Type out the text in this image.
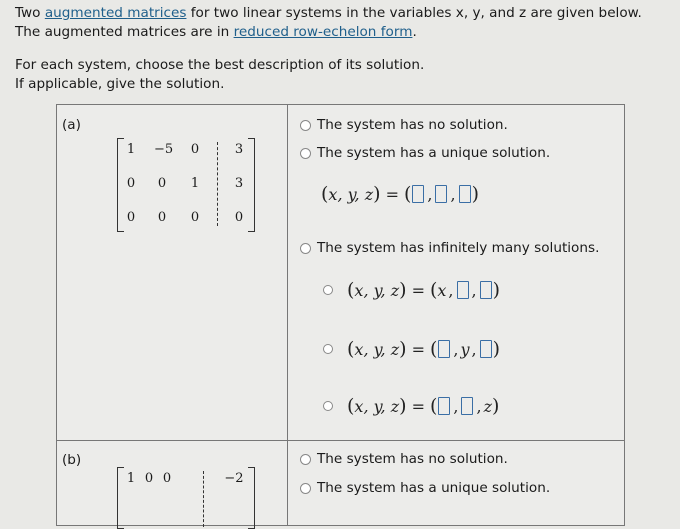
Two augmented matrices for two linear systems in the variables x, y, and z are given below.

The augmented matrices are in reduced row-echelon form.

For each system, choose the best description of its solution.

If applicable, give the solution.

(a)
1 −5 0	3
0 0 1	3
0 0 0	0
The system has no solution.
The system has a unique solution.
( x, y, z ) = ( , , )
The system has infinitely many solutions.
( x, y, z ) = ( x , , )
( x, y, z ) = ( , y , )
( x, y, z ) = ( , , z )
(b)
1 0 0	−2
The system has no solution.
The system has a unique solution.
